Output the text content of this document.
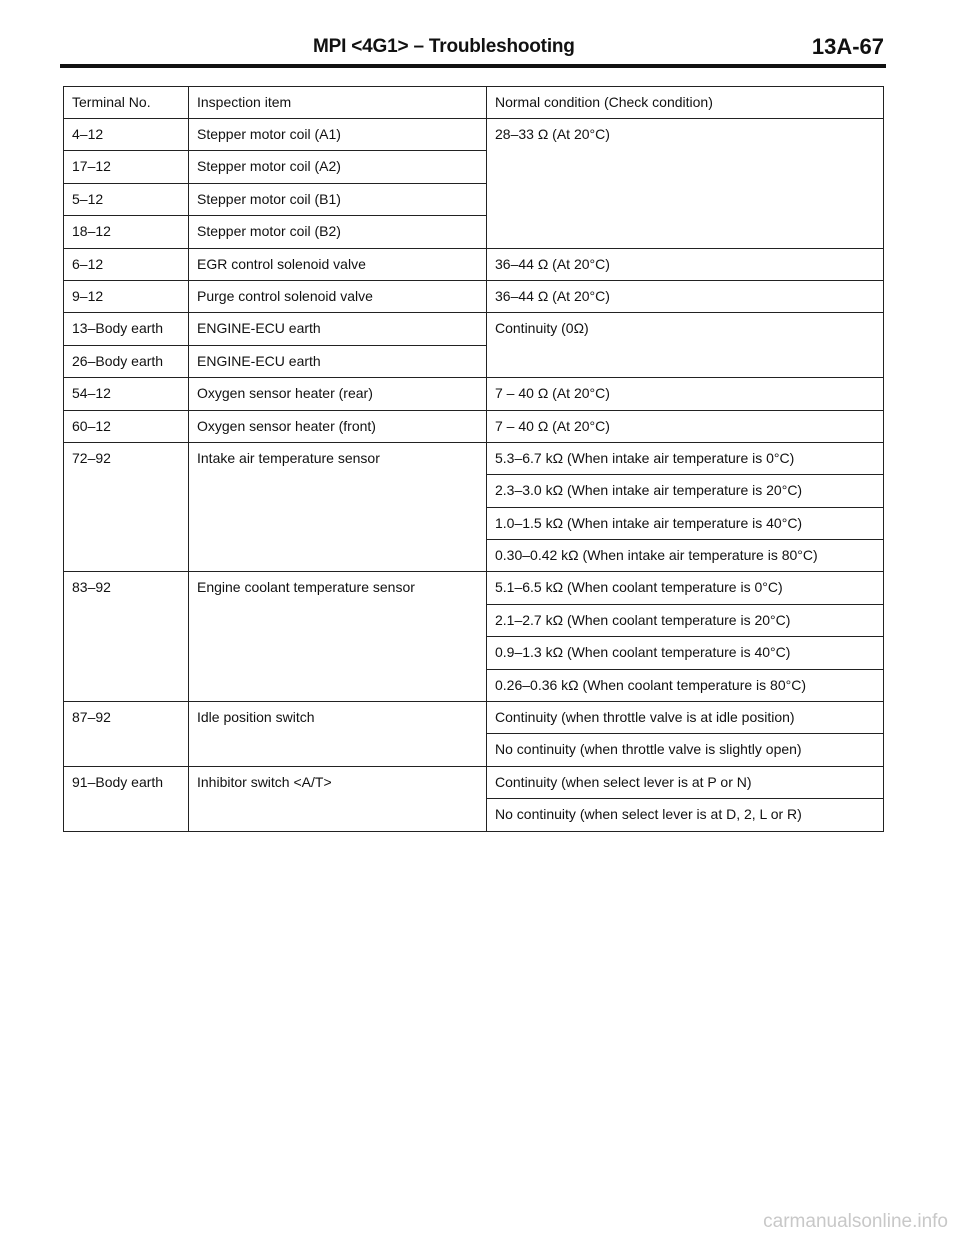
MPI <4G1> – Troubleshooting	13A-67
Terminal No.	Inspection item	Normal condition (Check condition)
4–12	Stepper motor coil (A1)	28–33 Ω (At 20°C)
17–12	Stepper motor coil (A2)	
5–12	Stepper motor coil (B1)	
18–12	Stepper motor coil (B2)	
6–12	EGR control solenoid valve	36–44 Ω (At 20°C)
9–12	Purge control solenoid valve	36–44 Ω (At 20°C)
13–Body earth	ENGINE-ECU earth	Continuity (0Ω)
26–Body earth	ENGINE-ECU earth	
54–12	Oxygen sensor heater (rear)	7 – 40 Ω (At 20°C)
60–12	Oxygen sensor heater (front)	7 – 40 Ω (At 20°C)
72–92	Intake air temperature sensor	5.3–6.7 kΩ (When intake air temperature is 0°C)
		2.3–3.0 kΩ (When intake air temperature is 20°C)
		1.0–1.5 kΩ (When intake air temperature is 40°C)
		0.30–0.42 kΩ (When intake air temperature is 80°C)
83–92	Engine coolant temperature sensor	5.1–6.5 kΩ (When coolant temperature is 0°C)
		2.1–2.7 kΩ (When coolant temperature is 20°C)
		0.9–1.3 kΩ (When coolant temperature is 40°C)
		0.26–0.36 kΩ (When coolant temperature is 80°C)
87–92	Idle position switch	Continuity (when throttle valve is at idle position)
		No continuity (when throttle valve is slightly open)
91–Body earth	Inhibitor switch <A/T>	Continuity (when select lever is at P or N)
		No continuity (when select lever is at D, 2, L or R)
carmanualsonline.info
